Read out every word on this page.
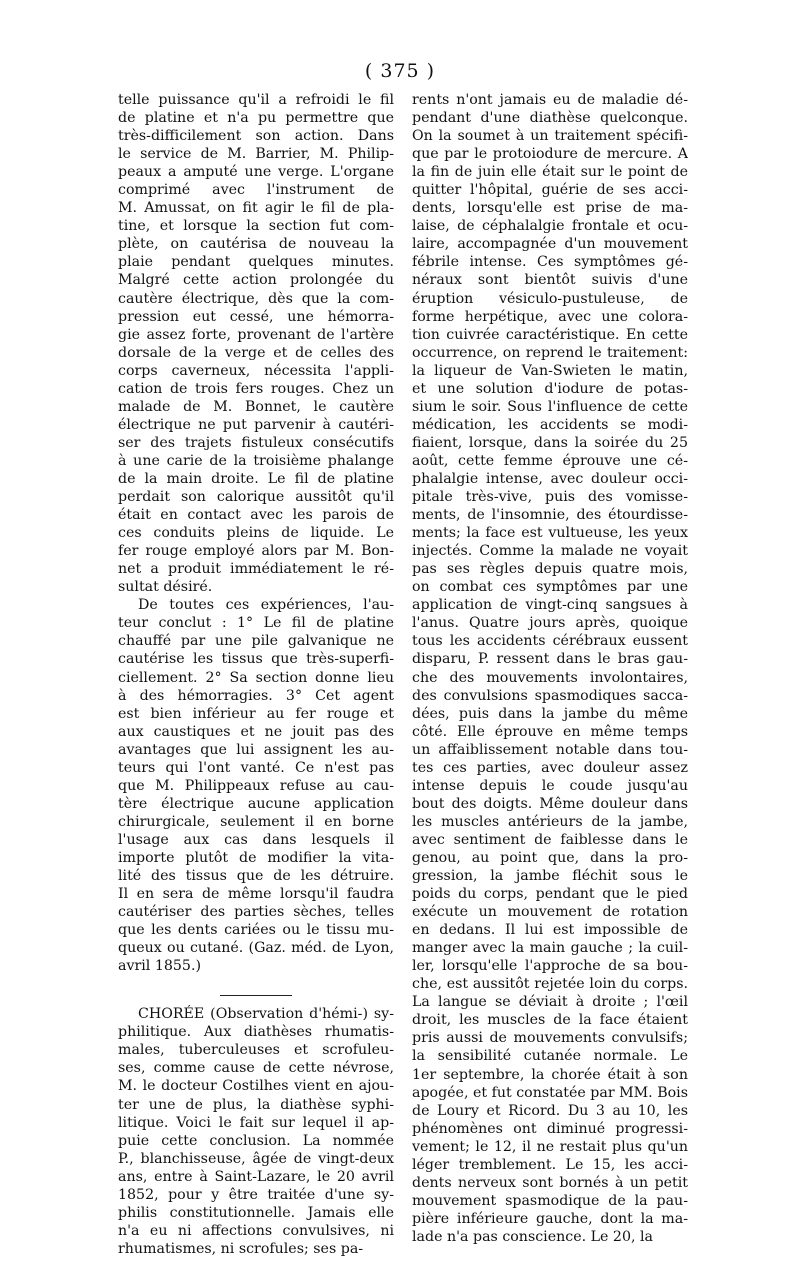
( 375 )
telle puissance qu'il a refroidi le fil
de platine et n'a pu permettre que
très-difficilement son action. Dans
le service de M. Barrier, M. Philip-
peaux a amputé une verge. L'organe
comprimé avec l'instrument de
M. Amussat, on fit agir le fil de pla-
tine, et lorsque la section fut com-
plète, on cautérisa de nouveau la
plaie pendant quelques minutes.
Malgré cette action prolongée du
cautère électrique, dès que la com-
pression eut cessé, une hémorra-
gie assez forte, provenant de l'artère
dorsale de la verge et de celles des
corps caverneux, nécessita l'appli-
cation de trois fers rouges. Chez un
malade de M. Bonnet, le cautère
électrique ne put parvenir à cautéri-
ser des trajets fistuleux consécutifs
à une carie de la troisième phalange
de la main droite. Le fil de platine
perdait son calorique aussitôt qu'il
était en contact avec les parois de
ces conduits pleins de liquide. Le
fer rouge employé alors par M. Bon-
net a produit immédiatement le ré-
sultat désiré.
De toutes ces expériences, l'au-
teur conclut : 1° Le fil de platine
chauffé par une pile galvanique ne
cautérise les tissus que très-superfi-
ciellement. 2° Sa section donne lieu
à des hémorragies. 3° Cet agent
est bien inférieur au fer rouge et
aux caustiques et ne jouit pas des
avantages que lui assignent les au-
teurs qui l'ont vanté. Ce n'est pas
que M. Philippeaux refuse au cau-
tère électrique aucune application
chirurgicale, seulement il en borne
l'usage aux cas dans lesquels il
importe plutôt de modifier la vita-
lité des tissus que de les détruire.
Il en sera de même lorsqu'il faudra
cautériser des parties sèches, telles
que les dents cariées ou le tissu mu-
queux ou cutané. (Gaz. méd. de Lyon,
avril 1855.)
CHORÉE (Observation d'hémi-) sy-
philitique. Aux diathèses rhumatis-
males, tuberculeuses et scrofuleu-
ses, comme cause de cette névrose,
M. le docteur Costilhes vient en ajou-
ter une de plus, la diathèse syphi-
litique. Voici le fait sur lequel il ap-
puie cette conclusion. La nommée
P., blanchisseuse, âgée de vingt-deux
ans, entre à Saint-Lazare, le 20 avril
1852, pour y être traitée d'une sy-
philis constitutionnelle. Jamais elle
n'a eu ni affections convulsives, ni
rhumatismes, ni scrofules; ses pa-
rents n'ont jamais eu de maladie dé-
pendant d'une diathèse quelconque.
On la soumet à un traitement spécifi-
que par le protoiodure de mercure. A
la fin de juin elle était sur le point de
quitter l'hôpital, guérie de ses acci-
dents, lorsqu'elle est prise de ma-
laise, de céphalalgie frontale et ocu-
laire, accompagnée d'un mouvement
fébrile intense. Ces symptômes gé-
néraux sont bientôt suivis d'une
éruption vésiculo-pustuleuse, de
forme herpétique, avec une colora-
tion cuivrée caractéristique. En cette
occurrence, on reprend le traitement:
la liqueur de Van-Swieten le matin,
et une solution d'iodure de potas-
sium le soir. Sous l'influence de cette
médication, les accidents se modi-
fiaient, lorsque, dans la soirée du 25
août, cette femme éprouve une cé-
phalalgie intense, avec douleur occi-
pitale très-vive, puis des vomisse-
ments, de l'insomnie, des étourdisse-
ments; la face est vultueuse, les yeux
injectés. Comme la malade ne voyait
pas ses règles depuis quatre mois,
on combat ces symptômes par une
application de vingt-cinq sangsues à
l'anus. Quatre jours après, quoique
tous les accidents cérébraux eussent
disparu, P. ressent dans le bras gau-
che des mouvements involontaires,
des convulsions spasmodiques sacca-
dées, puis dans la jambe du même
côté. Elle éprouve en même temps
un affaiblissement notable dans tou-
tes ces parties, avec douleur assez
intense depuis le coude jusqu'au
bout des doigts. Même douleur dans
les muscles antérieurs de la jambe,
avec sentiment de faiblesse dans le
genou, au point que, dans la pro-
gression, la jambe fléchit sous le
poids du corps, pendant que le pied
exécute un mouvement de rotation
en dedans. Il lui est impossible de
manger avec la main gauche ; la cuil-
ler, lorsqu'elle l'approche de sa bou-
che, est aussitôt rejetée loin du corps.
La langue se déviait à droite ; l'œil
droit, les muscles de la face étaient
pris aussi de mouvements convulsifs;
la sensibilité cutanée normale. Le
1er septembre, la chorée était à son
apogée, et fut constatée par MM. Bois
de Loury et Ricord. Du 3 au 10, les
phénomènes ont diminué progressi-
vement; le 12, il ne restait plus qu'un
léger tremblement. Le 15, les acci-
dents nerveux sont bornés à un petit
mouvement spasmodique de la pau-
pière inférieure gauche, dont la ma-
lade n'a pas conscience. Le 20, la
